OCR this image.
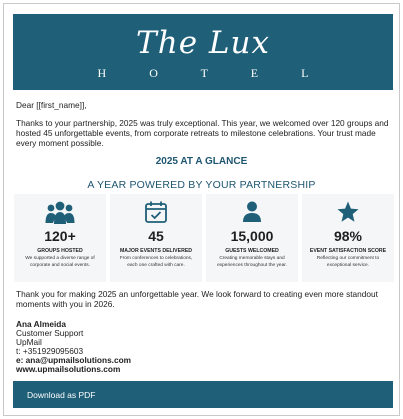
The Lux
H O T E L
Dear [[first_name]],
Thanks to your partnership, 2025 was truly exceptional. This year, we welcomed over 120 groups and hosted 45 unforgettable events, from corporate retreats to milestone celebrations. Your trust made every moment possible.
2025 AT A GLANCE
A YEAR POWERED BY YOUR PARTNERSHIP
120+
GROUPS HOSTED
We supported a diverse range of corporate and social events.
45
MAJOR EVENTS DELIVERED
From conferences to celebrations, each one crafted with care.
15,000
GUESTS WELCOMED
Creating memorable stays and experiences throughout the year.
98%
EVENT SATISFACTION SCORE
Reflecting our commitment to exceptional service.
Thank you for making 2025 an unforgettable year. We look forward to creating even more standout moments with you in 2026.
Ana Almeida
Customer Support
UpMail
t: +351929095603
e: ana@upmailsolutions.com
www.upmailsolutions.com
Download as PDF
